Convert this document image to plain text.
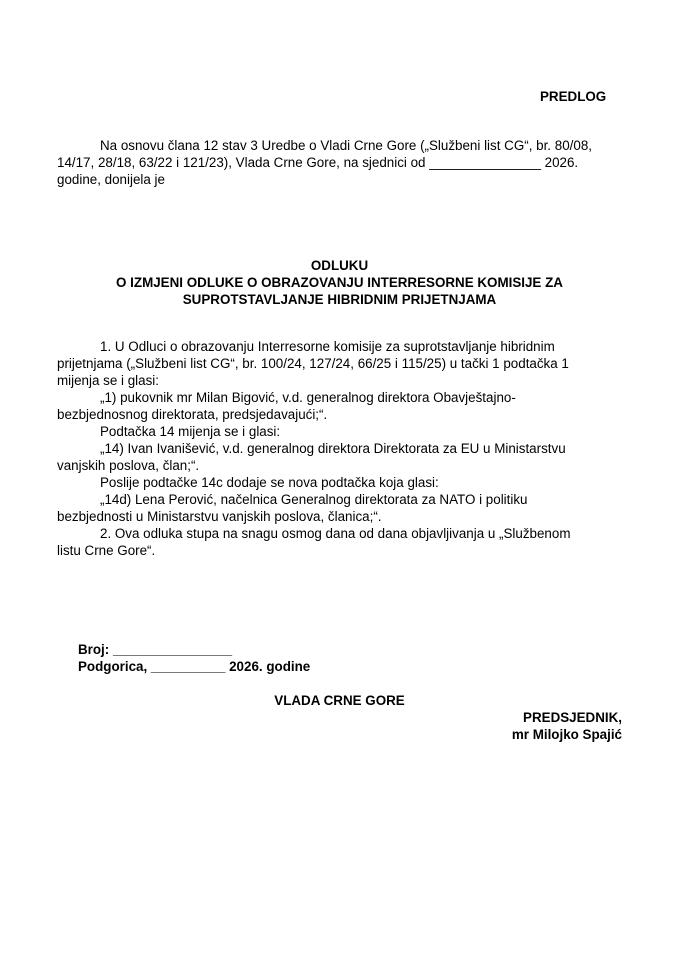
PREDLOG
Na osnovu člana 12 stav 3 Uredbe o Vladi Crne Gore („Službeni list CG“, br. 80/08,
14/17, 28/18, 63/22 i 121/23), Vlada Crne Gore, na sjednici od _______________ 2026.
godine, donijela je
ODLUKU
O IZMJENI ODLUKE O OBRAZOVANJU INTERRESORNE KOMISIJE ZA
SUPROTSTAVLJANJE HIBRIDNIM PRIJETNJAMA
1. U Odluci o obrazovanju Interresorne komisije za suprotstavljanje hibridnim
prijetnjama („Službeni list CG“, br. 100/24, 127/24, 66/25 i 115/25) u tački 1 podtačka 1
mijenja se i glasi:
„1) pukovnik mr Milan Bigović, v.d. generalnog direktora Obavještajno-
bezbjednosnog direktorata, predsjedavajući;“.
Podtačka 14 mijenja se i glasi:
„14) Ivan Ivanišević, v.d. generalnog direktora Direktorata za EU u Ministarstvu
vanjskih poslova, član;“.
Poslije podtačke 14c dodaje se nova podtačka koja glasi:
„14d) Lena Perović, načelnica Generalnog direktorata za NATO i politiku
bezbjednosti u Ministarstvu vanjskih poslova, članica;“.
2. Ova odluka stupa na snagu osmog dana od dana objavljivanja u „Službenom
listu Crne Gore“.
Broj: ________________
Podgorica, __________ 2026. godine
VLADA CRNE GORE
PREDSJEDNIK,
mr Milojko Spajić
